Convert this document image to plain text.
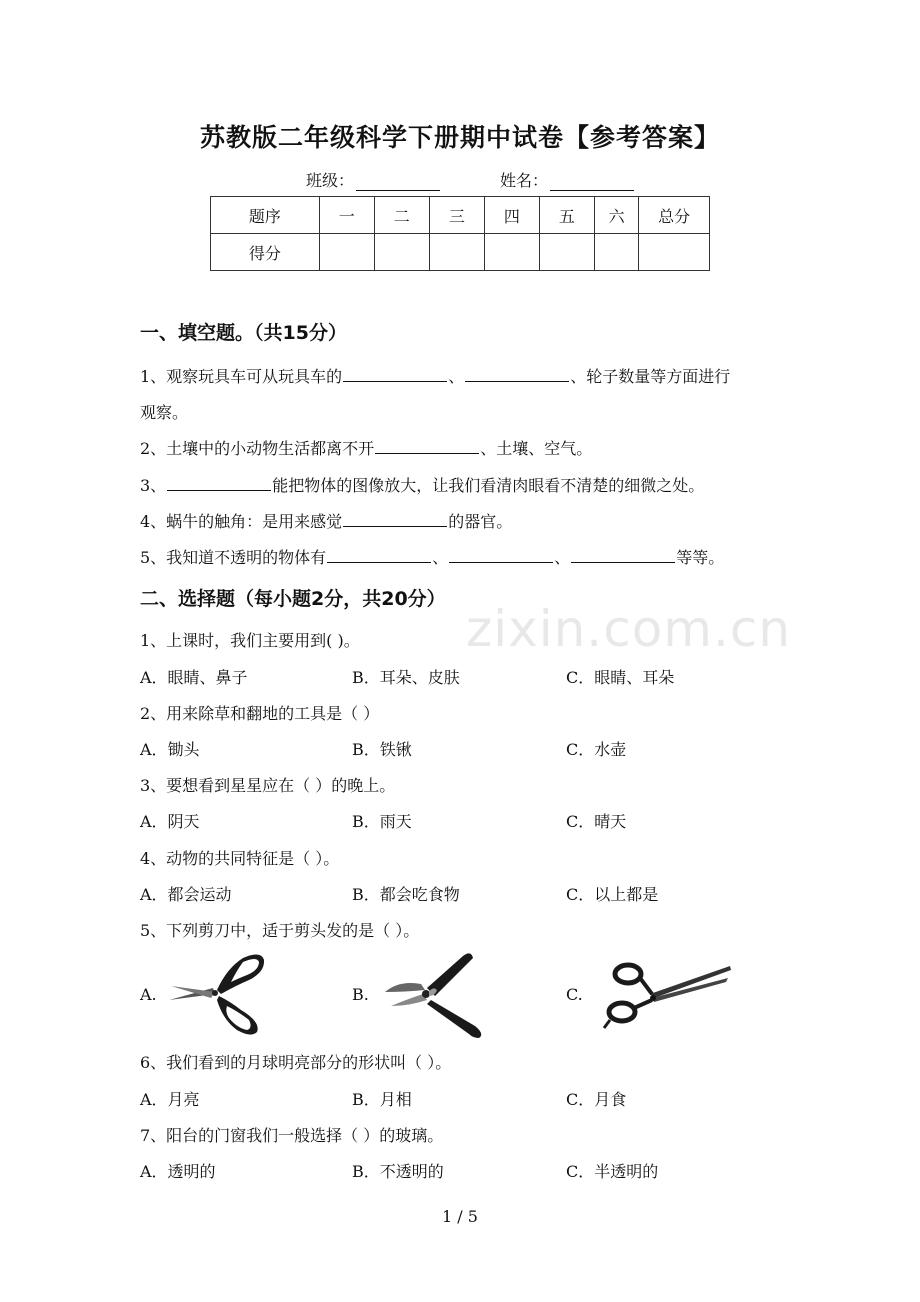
苏教版二年级科学下册期中试卷【参考答案】
班级：	姓名：
题序	一	二	三	四	五	六	总分
得分							
一、填空题。（共15分）
1、观察玩具车可从玩具车的	、	、轮子数量等方面进行
观察。
2、土壤中的小动物生活都离不开	、土壤、空气。
3、	能把物体的图像放大，让我们看清肉眼看不清楚的细微之处。
4、蜗牛的触角：是用来感觉	的器官。
5、我知道不透明的物体有	、	、	等等。
二、选择题（每小题2分，共20分）
zixin.com.cn
1、上课时，我们主要用到( )。
A．眼睛、鼻子	B．耳朵、皮肤	C．眼睛、耳朵
2、用来除草和翻地的工具是（ ）
A．锄头	B．铁锹	C．水壶
3、要想看到星星应在（ ）的晚上。
A．阴天	B．雨天	C．晴天
4、动物的共同特征是（ ）。
A．都会运动	B．都会吃食物	C．以上都是
5、下列剪刀中，适于剪头发的是（ ）。
A.	B.	C.
6、我们看到的月球明亮部分的形状叫（ ）。
A．月亮	B．月相	C．月食
7、阳台的门窗我们一般选择（ ）的玻璃。
A．透明的	B．不透明的	C．半透明的
1 / 5
